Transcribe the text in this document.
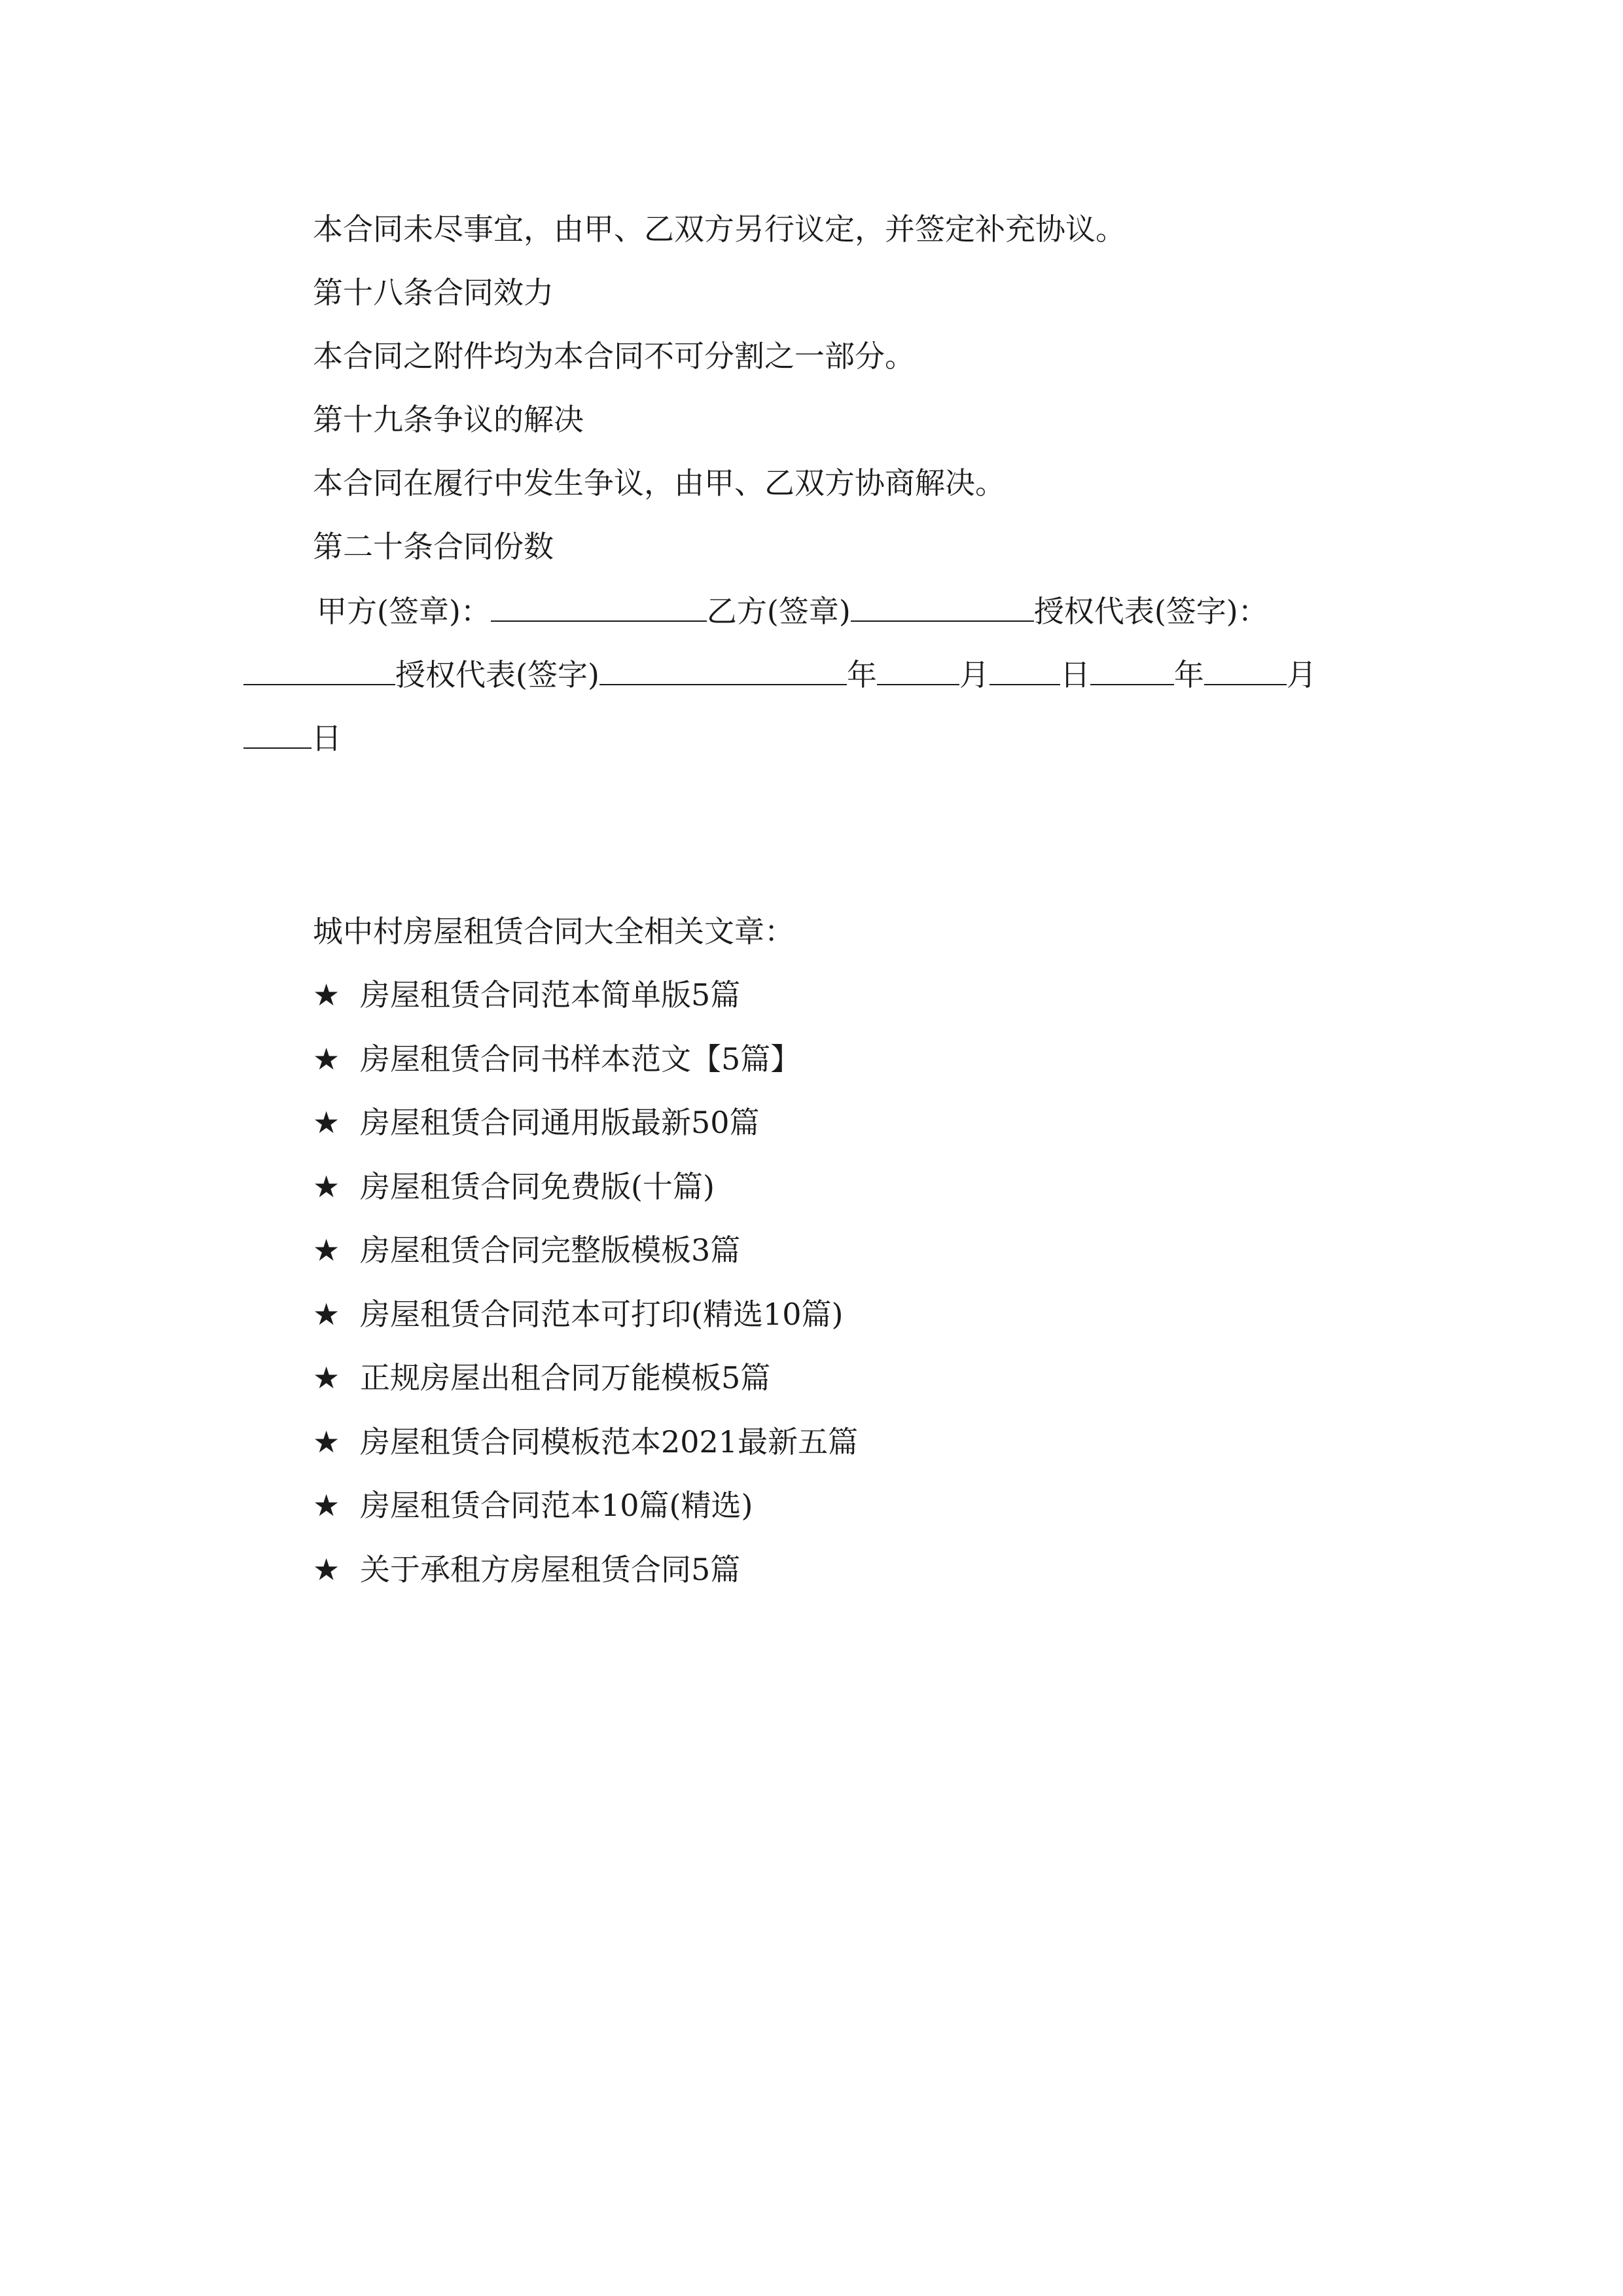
本合同未尽事宜，由甲、乙双方另行议定，并签定补充协议。
第十八条合同效力
本合同之附件均为本合同不可分割之一部分。
第十九条争议的解决
本合同在履行中发生争议，由甲、乙双方协商解决。
第二十条合同份数
甲方(签章)：	乙方(签章)	授权代表(签字)：
授权代表(签字)	年	月 日	年	月
日
城中村房屋租赁合同大全相关文章：
★ 房屋租赁合同范本简单版5篇
★ 房屋租赁合同书样本范文【5篇】
★ 房屋租赁合同通用版最新50篇
★ 房屋租赁合同免费版(十篇)
★ 房屋租赁合同完整版模板3篇
★ 房屋租赁合同范本可打印(精选10篇)
★ 正规房屋出租合同万能模板5篇
★ 房屋租赁合同模板范本2021最新五篇
★ 房屋租赁合同范本10篇(精选)
★ 关于承租方房屋租赁合同5篇
